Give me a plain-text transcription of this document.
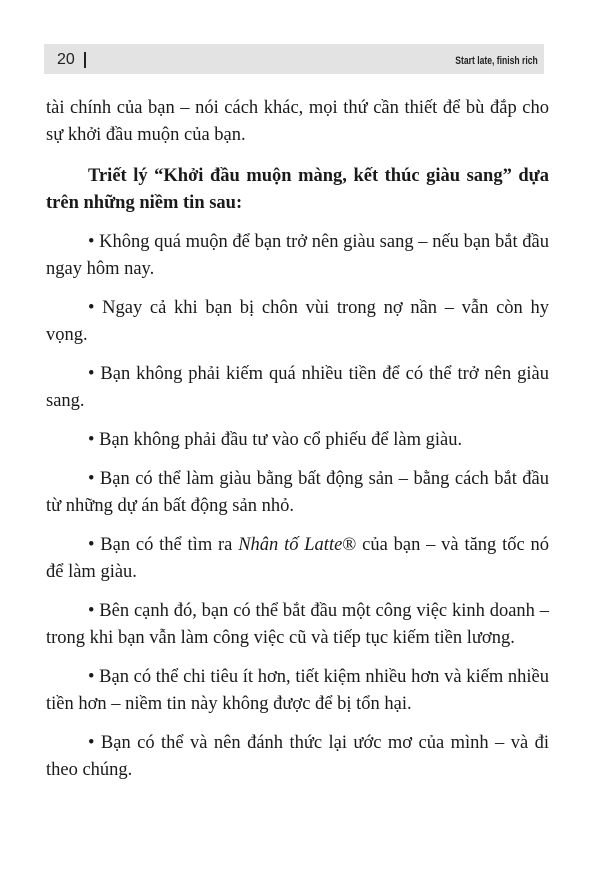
20	Start late, finish rich

tài chính của bạn – nói cách khác, mọi thứ cần thiết để bù đắp cho sự khởi đầu muộn của bạn.

Triết lý “Khởi đầu muộn màng, kết thúc giàu sang” dựa trên những niềm tin sau:

• Không quá muộn để bạn trở nên giàu sang – nếu bạn bắt đầu ngay hôm nay.

• Ngay cả khi bạn bị chôn vùi trong nợ nần – vẫn còn hy vọng.

• Bạn không phải kiếm quá nhiều tiền để có thể trở nên giàu sang.

• Bạn không phải đầu tư vào cổ phiếu để làm giàu.

• Bạn có thể làm giàu bằng bất động sản – bằng cách bắt đầu từ những dự án bất động sản nhỏ.

• Bạn có thể tìm ra Nhân tố Latte® của bạn – và tăng tốc nó để làm giàu.

• Bên cạnh đó, bạn có thể bắt đầu một công việc kinh doanh – trong khi bạn vẫn làm công việc cũ và tiếp tục kiếm tiền lương.

• Bạn có thể chi tiêu ít hơn, tiết kiệm nhiều hơn và kiếm nhiều tiền hơn – niềm tin này không được để bị tổn hại.

• Bạn có thể và nên đánh thức lại ước mơ của mình – và đi theo chúng.
